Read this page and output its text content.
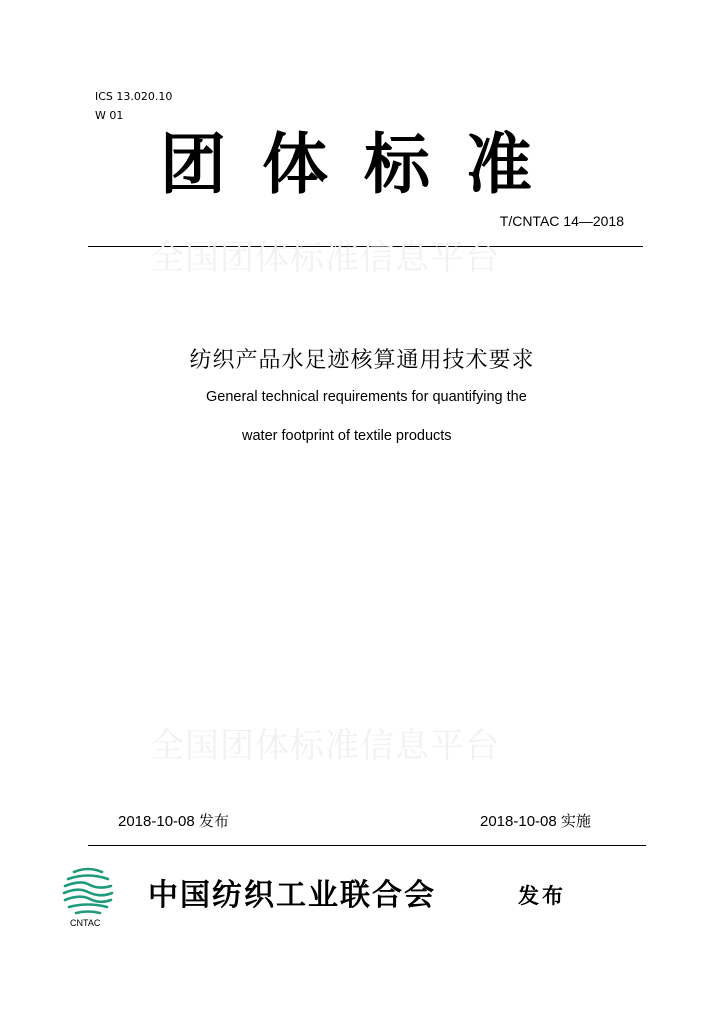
ICS 13.020.10
W 01
团体标准
T/CNTAC 14—2018
全国团体标准信息平台
纺织产品水足迹核算通用技术要求
General technical requirements for quantifying the
water footprint of textile products
全国团体标准信息平台
2018-10-08 发布	2018-10-08 实施
CNTAC
中国纺织工业联合会	发布
